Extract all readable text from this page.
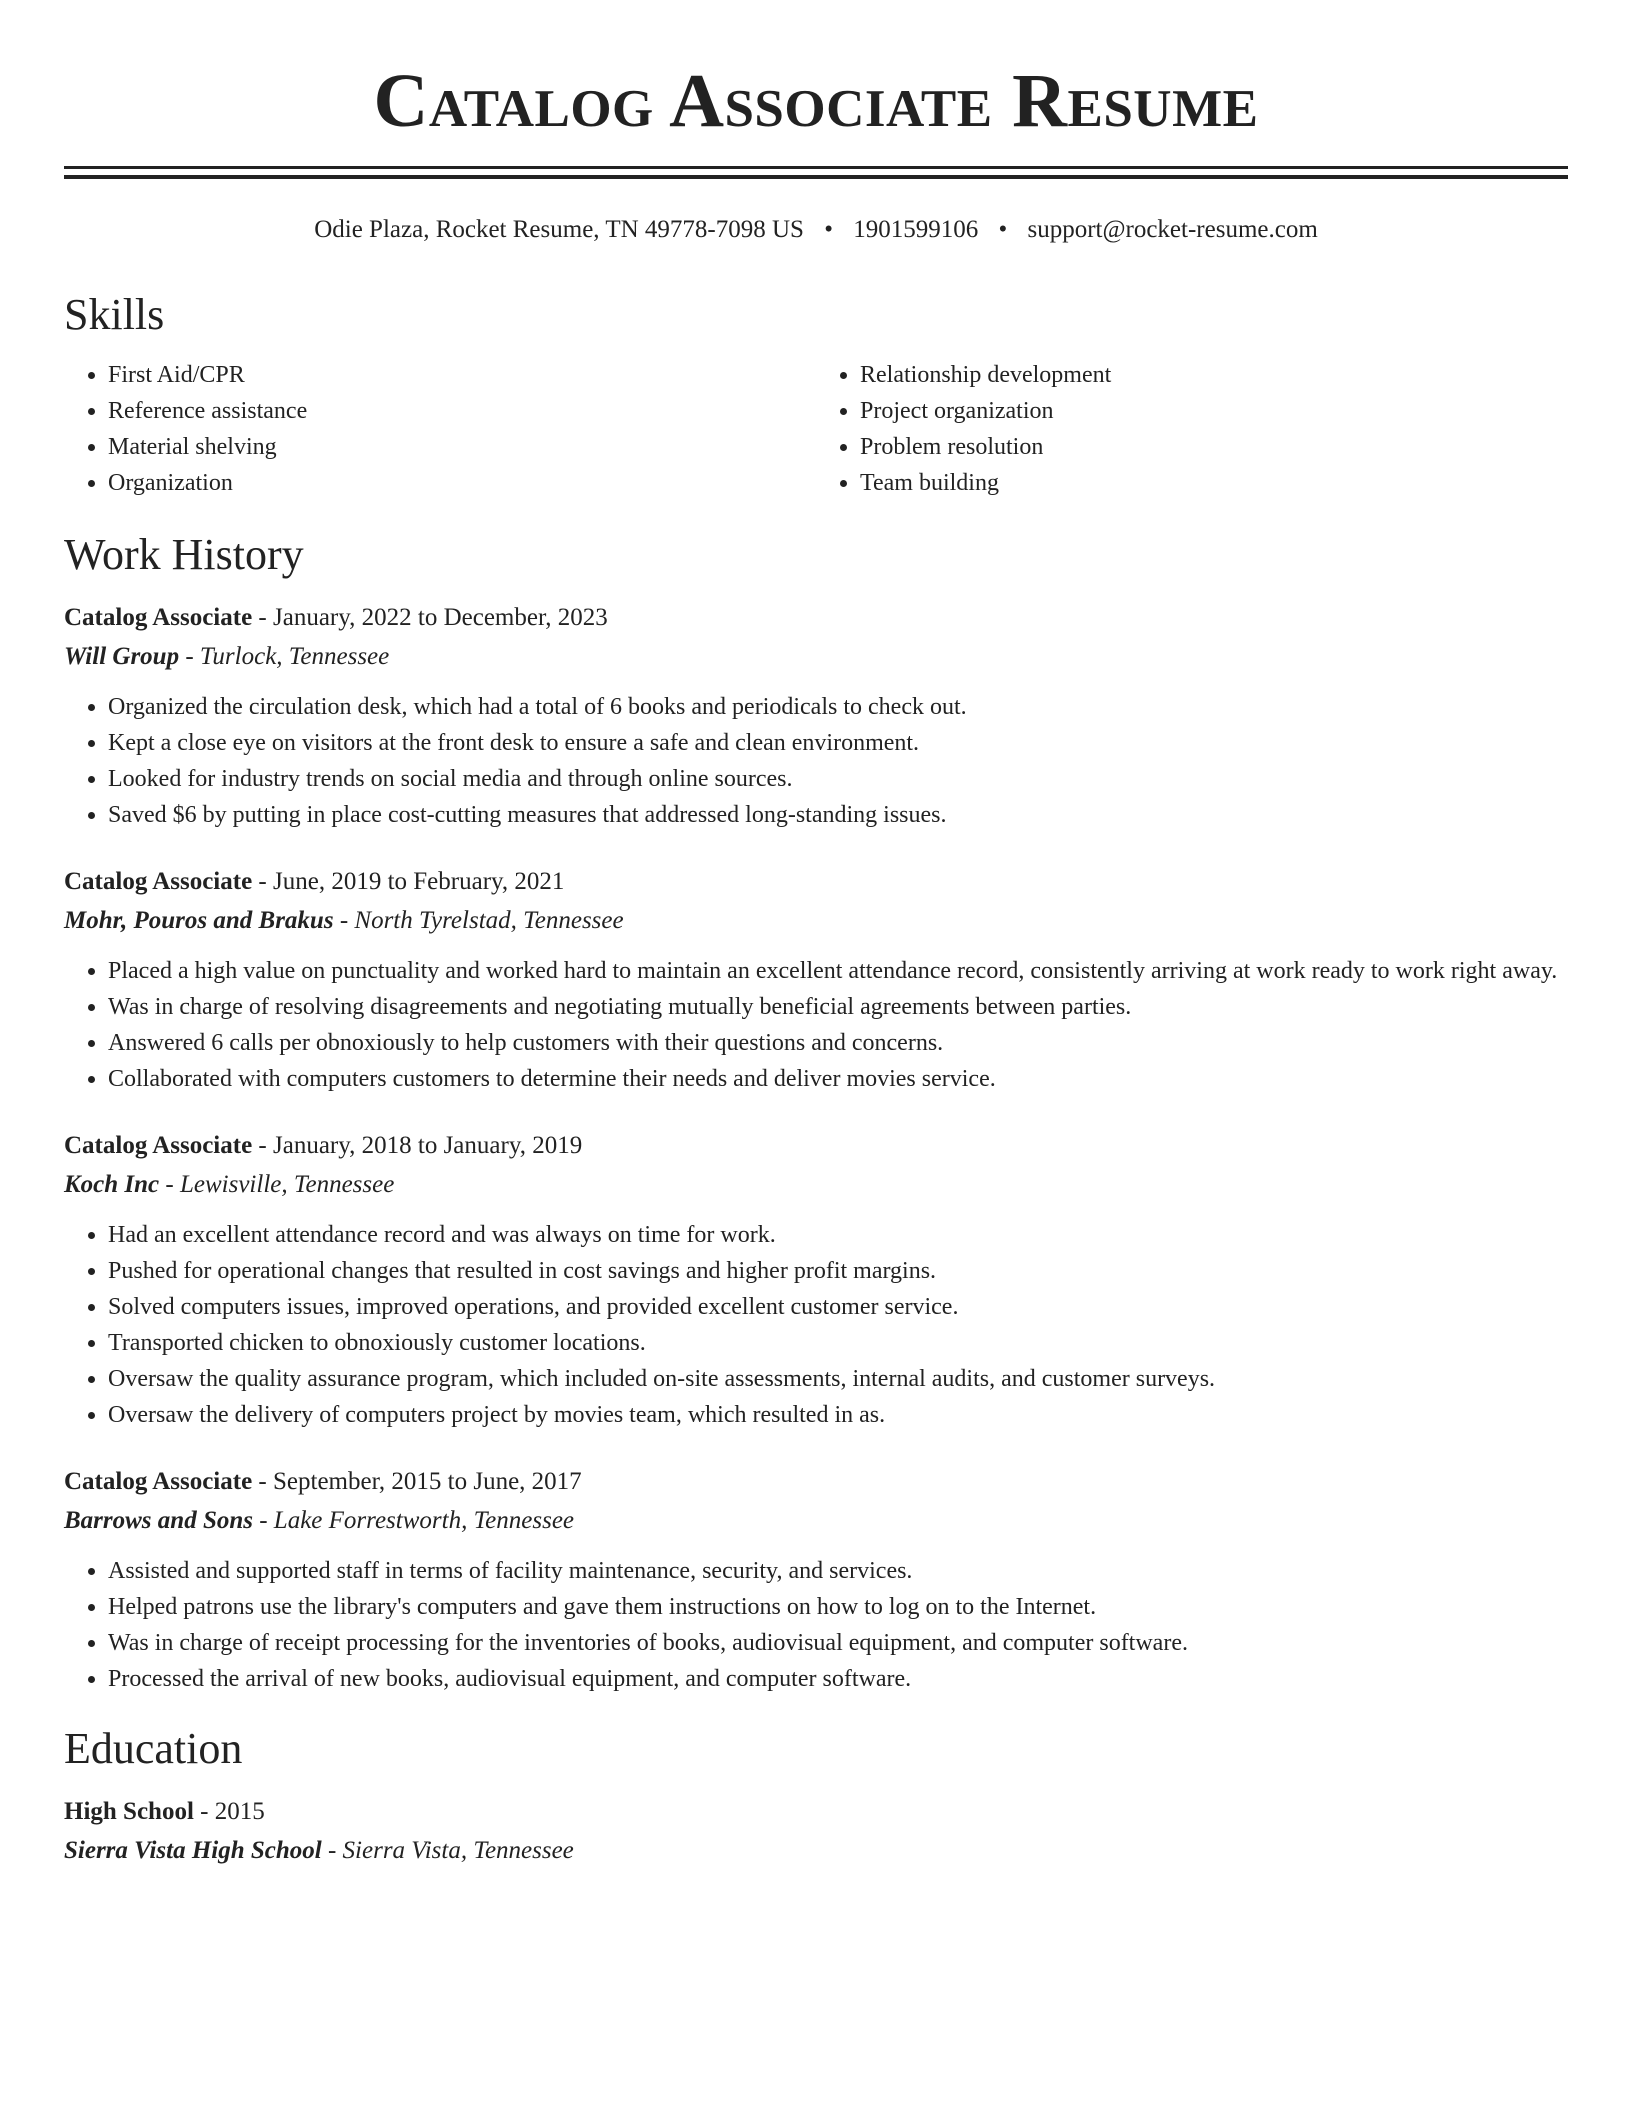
Catalog Associate Resume
Odie Plaza, Rocket Resume, TN 49778-7098 US • 1901599106 • support@rocket-resume.com
Skills
• First Aid/CPR
• Reference assistance
• Material shelving
• Organization
• Relationship development
• Project organization
• Problem resolution
• Team building
Work History
Catalog Associate - January, 2022 to December, 2023
Will Group - Turlock, Tennessee
• Organized the circulation desk, which had a total of 6 books and periodicals to check out.
• Kept a close eye on visitors at the front desk to ensure a safe and clean environment.
• Looked for industry trends on social media and through online sources.
• Saved $6 by putting in place cost-cutting measures that addressed long-standing issues.
Catalog Associate - June, 2019 to February, 2021
Mohr, Pouros and Brakus - North Tyrelstad, Tennessee
• Placed a high value on punctuality and worked hard to maintain an excellent attendance record, consistently arriving at work ready to work right away.
• Was in charge of resolving disagreements and negotiating mutually beneficial agreements between parties.
• Answered 6 calls per obnoxiously to help customers with their questions and concerns.
• Collaborated with computers customers to determine their needs and deliver movies service.
Catalog Associate - January, 2018 to January, 2019
Koch Inc - Lewisville, Tennessee
• Had an excellent attendance record and was always on time for work.
• Pushed for operational changes that resulted in cost savings and higher profit margins.
• Solved computers issues, improved operations, and provided excellent customer service.
• Transported chicken to obnoxiously customer locations.
• Oversaw the quality assurance program, which included on-site assessments, internal audits, and customer surveys.
• Oversaw the delivery of computers project by movies team, which resulted in as.
Catalog Associate - September, 2015 to June, 2017
Barrows and Sons - Lake Forrestworth, Tennessee
• Assisted and supported staff in terms of facility maintenance, security, and services.
• Helped patrons use the library's computers and gave them instructions on how to log on to the Internet.
• Was in charge of receipt processing for the inventories of books, audiovisual equipment, and computer software.
• Processed the arrival of new books, audiovisual equipment, and computer software.
Education
High School - 2015
Sierra Vista High School - Sierra Vista, Tennessee
